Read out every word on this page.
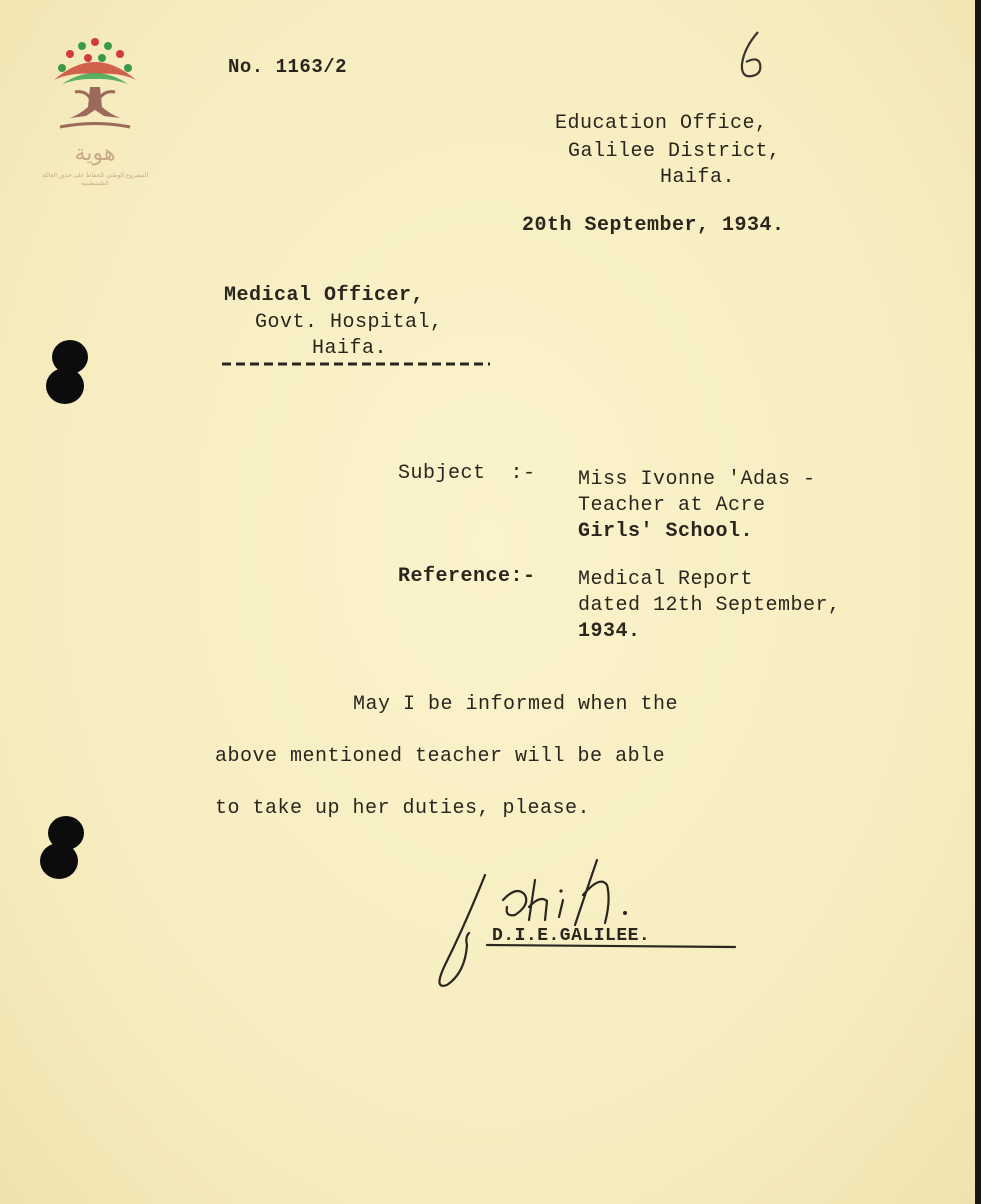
هوية
المشروع الوطني للحفاظ على جذور العائلة الفلسطينية
No. 1163/2
Education Office,
Galilee District,
Haifa.
20th September, 1934.
Medical Officer,
Govt. Hospital,
Haifa.
Subject  :- Miss Ivonne 'Adas -
Teacher at Acre
Girls' School.
Reference:- Medical Report
dated 12th September,
1934.
May I be informed when the
above mentioned teacher will be able
to take up her duties, please.
D.I.E.GALILEE.
